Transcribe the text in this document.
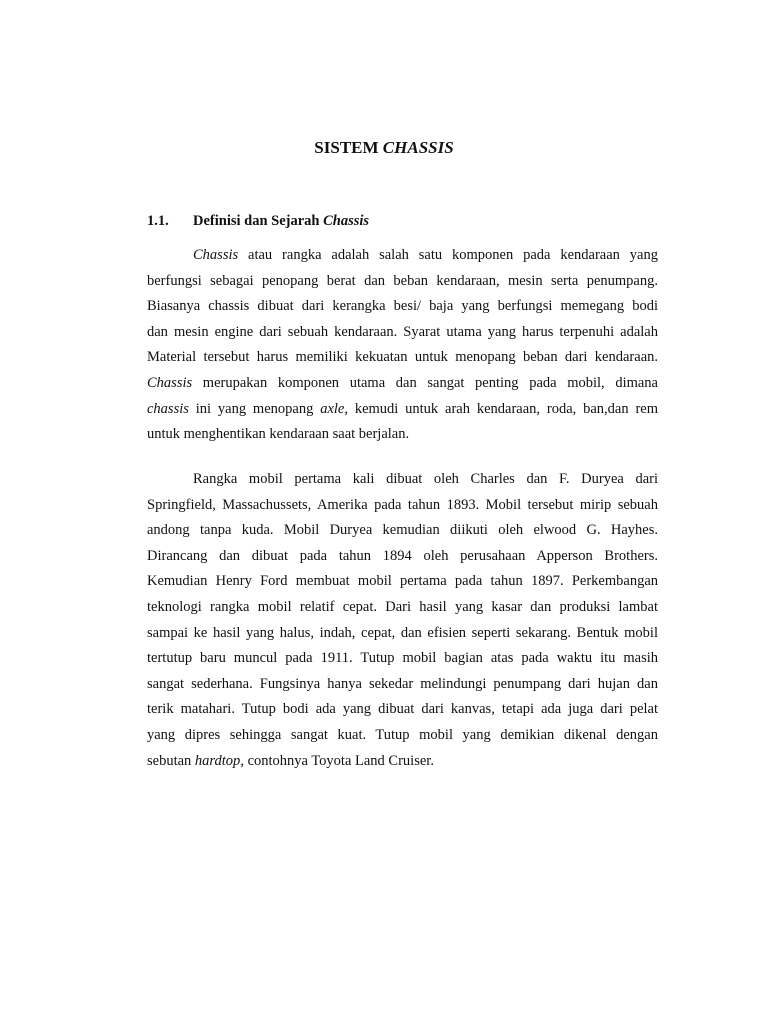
SISTEM CHASSIS
1.1. Definisi dan Sejarah Chassis
Chassis atau rangka adalah salah satu komponen pada kendaraan yang
berfungsi sebagai penopang berat dan beban kendaraan, mesin serta penumpang.
Biasanya chassis dibuat dari kerangka besi/ baja yang berfungsi memegang bodi
dan mesin engine dari sebuah kendaraan. Syarat utama yang harus terpenuhi adalah
Material tersebut harus memiliki kekuatan untuk menopang beban dari kendaraan.
Chassis merupakan komponen utama dan sangat penting pada mobil, dimana
chassis ini yang menopang axle, kemudi untuk arah kendaraan, roda, ban,dan rem
untuk menghentikan kendaraan saat berjalan.
Rangka mobil pertama kali dibuat oleh Charles dan F. Duryea dari
Springfield, Massachussets, Amerika pada tahun 1893. Mobil tersebut mirip sebuah
andong tanpa kuda. Mobil Duryea kemudian diikuti oleh elwood G. Hayhes.
Dirancang dan dibuat pada tahun 1894 oleh perusahaan Apperson Brothers.
Kemudian Henry Ford membuat mobil pertama pada tahun 1897. Perkembangan
teknologi rangka mobil relatif cepat. Dari hasil yang kasar dan produksi lambat
sampai ke hasil yang halus, indah, cepat, dan efisien seperti sekarang. Bentuk mobil
tertutup baru muncul pada 1911. Tutup mobil bagian atas pada waktu itu masih
sangat sederhana. Fungsinya hanya sekedar melindungi penumpang dari hujan dan
terik matahari. Tutup bodi ada yang dibuat dari kanvas, tetapi ada juga dari pelat
yang dipres sehingga sangat kuat. Tutup mobil yang demikian dikenal dengan
sebutan hardtop, contohnya Toyota Land Cruiser.
